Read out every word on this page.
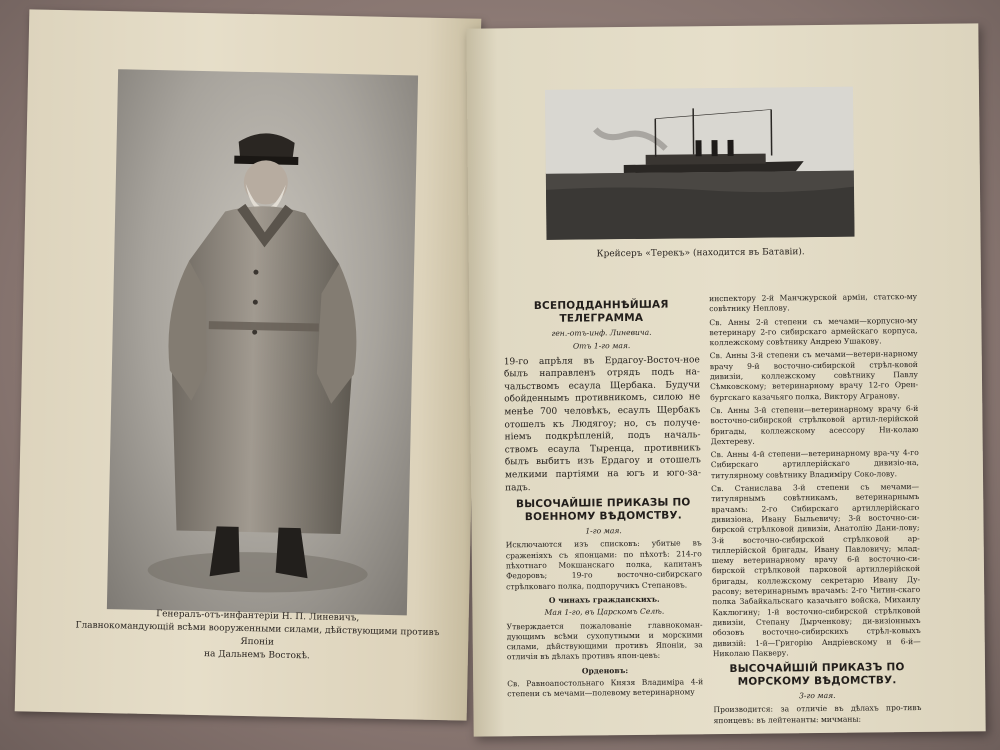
Генералъ-отъ-инфантеріи Н. П. Линевичъ,
Главнокомандующій всѣми вооруженными силами, дѣйствующими противъ Японіи
на Дальнемъ Востокѣ.
Крейсеръ «Терекъ» (находится въ Батавіи).
ВСЕПОДДАННѢЙШАЯ ТЕЛЕГРАММА
ген.-отъ-инф. Линевича.
Отъ 1-го мая.

19-го апрѣля въ Ердагоу-Восточ-ное былъ направленъ отрядъ подъ на-чальствомъ есаула Щербака. Будучи обойденнымъ противникомъ, силою не менѣе 700 человѣкъ, есаулъ Щербакъ отошелъ къ Людягоу; но, съ получе-ніемъ подкрѣпленій, подъ началь-ствомъ есаула Тыренца, противникъ былъ выбитъ изъ Ердагоу и отошелъ мелкими партіями на югъ и юго-за-падъ.

ВЫСОЧАЙШІЕ ПРИКАЗЫ ПО ВОЕННОМУ ВѢДОМСТВУ.
1-го мая.

Исключаются изъ списковъ: убитые въ сраженіяхъ съ японцами: по пѣхотѣ: 214-го пѣхотнаго Мокшанскаго полка, капитанъ Федоровъ; 19-го восточно-сибирскаго стрѣлковаго полка, подпоручикъ Степановъ.

О чинахъ гражданскихъ.
Мая 1-го, въ Царскомъ Селѣ.

Утверждается пожалованіе главнокоман-дующимъ всѣми сухопутными и морскими силами, дѣйствующими противъ Японіи, за отличія въ дѣлахъ противъ япон-цевъ:

Орденовъ:

Св. Равноапостольнаго Князя Владиміра 4-й степени съ мечами—полевому ветеринарному

инспектору 2-й Манчжурской арміи, статско-му совѣтнику Неплову.

Св. Анны 2-й степени съ мечами—корпусно-му ветеринару 2-го сибирскаго армейскаго корпуса, коллежскому совѣтнику Андрею Ушакову.

Св. Анны 3-й степени съ мечами—ветери-нарному врачу 9-й восточно-сибирской стрѣл-ковой дивизіи, коллежскому совѣтнику Павлу Сѣмковскому; ветеринарному врачу 12-го Орен-бургскаго казачьяго полка, Виктору Агранову.

Св. Анны 3-й степени—ветеринарному врачу 6-й восточно-сибирской стрѣлковой артил-лерійской бригады, коллежскому асессору Ни-колаю Дехтереву.

Св. Анны 4-й степени—ветеринарному вра-чу 4-го Сибирскаго артиллерійскаго дивизіо-на, титулярному совѣтнику Владиміру Соко-лову.

Св. Станислава 3-й степени съ мечами—титулярнымъ совѣтникамъ, ветеринарнымъ врачамъ: 2-го Сибирскаго артиллерійскаго дивизіона, Ивану Быльевичу; 3-й восточно-си-бирской стрѣлковой дивизіи, Анатолію Дани-лову; 3-й восточно-сибирской стрѣлковой ар-тиллерійской бригады, Ивану Павловичу; млад-шему ветеринарному врачу 6-й восточно-си-бирской стрѣлковой парковой артиллерійской бригады, коллежскому секретарю Ивану Ду-расову; ветеринарнымъ врачамъ: 2-го Читин-скаго полка Забайкальскаго казачьяго войска, Михаилу Каклюгину; 1-й восточно-сибирской стрѣлковой дивизіи, Степану Дырченкову; ди-визіонныхъ обозовъ восточно-сибирскихъ стрѣл-ковыхъ дивизій: 1-й—Григорію Андріевскому и 6-й—Николаю Пакверу.

ВЫСОЧАЙШІЙ ПРИКАЗЪ ПО МОРСКОМУ ВѢДОМСТВУ.
3-го мая.

Производится: за отличіе въ дѣлахъ про-тивъ японцевъ: въ лейтенанты: мичманы:
